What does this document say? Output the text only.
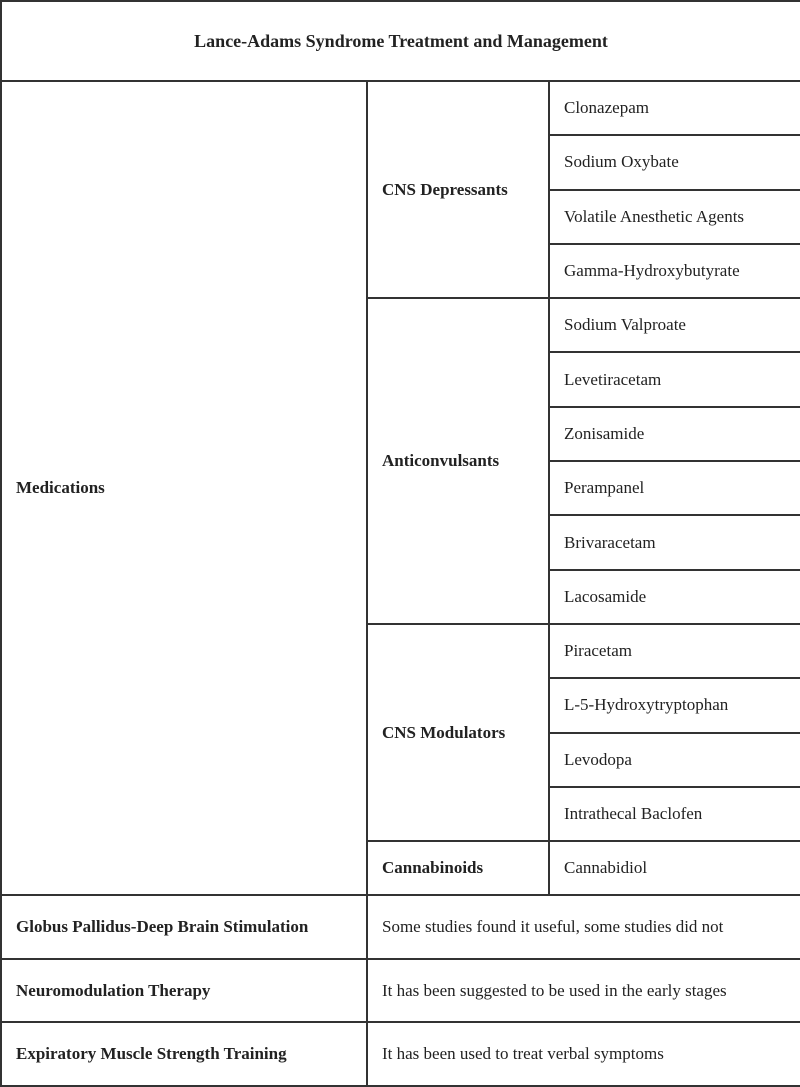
Lance-Adams Syndrome Treatment and Management		
Medications	CNS Depressants	Clonazepam
		Sodium Oxybate
		Volatile Anesthetic Agents
		Gamma-Hydroxybutyrate
	Anticonvulsants	Sodium Valproate
		Levetiracetam
		Zonisamide
		Perampanel
		Brivaracetam
		Lacosamide
	CNS Modulators	Piracetam
		L-5-Hydroxytryptophan
		Levodopa
		Intrathecal Baclofen
	Cannabinoids	Cannabidiol
Globus Pallidus-Deep Brain Stimulation	Some studies found it useful, some studies did not	
Neuromodulation Therapy	It has been suggested to be used in the early stages	
Expiratory Muscle Strength Training	It has been used to treat verbal symptoms	
